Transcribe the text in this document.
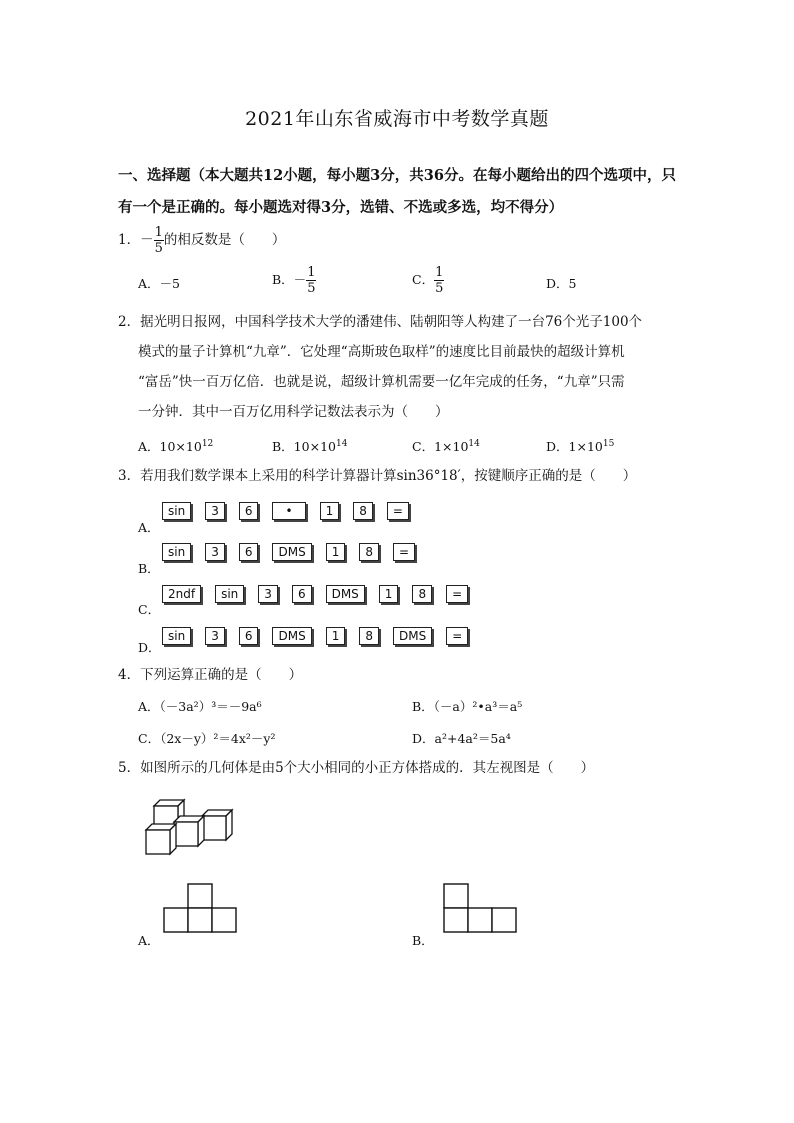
2021年山东省威海市中考数学真题
一、选择题（本大题共12小题，每小题3分，共36分。在每小题给出的四个选项中，只
有一个是正确的。每小题选对得3分，选错、不选或多选，均不得分）
1．－ $\frac{1}{5}$ 的相反数是（　　）
A．－5	B．－ $\frac{1}{5}$	C． $\frac{1}{5}$	D．5
2．据光明日报网，中国科学技术大学的潘建伟、陆朝阳等人构建了一台76个光子100个
模式的量子计算机“九章”．它处理“高斯玻色取样”的速度比目前最快的超级计算机
“富岳”快一百万亿倍．也就是说，超级计算机需要一亿年完成的任务，“九章”只需
一分钟．其中一百万亿用科学记数法表示为（　　）
A．$10\times 10^{12}$	B．$10\times 10^{14}$	C．$1\times 10^{14}$	D．$1\times 10^{15}$
3．若用我们数学课本上采用的科学计算器计算sin36°18′，按键顺序正确的是（　　）
sin	3	6	•	1	8	=
A．
sin	3	6	DMS	1	8	=
B．
2ndf	sin	3	6	DMS	1	8	=
C．
sin	3	6	DMS	1	8	DMS	=
D．
4．下列运算正确的是（　　）
A．（－3a²）³＝－9a⁶	B．（－a）²•a³＝a⁵
C．（2x－y）²＝4x²－y²	D．a²+4a²＝5a⁴
5．如图所示的几何体是由5个大小相同的小正方体搭成的．其左视图是（　　）
A．	B．
